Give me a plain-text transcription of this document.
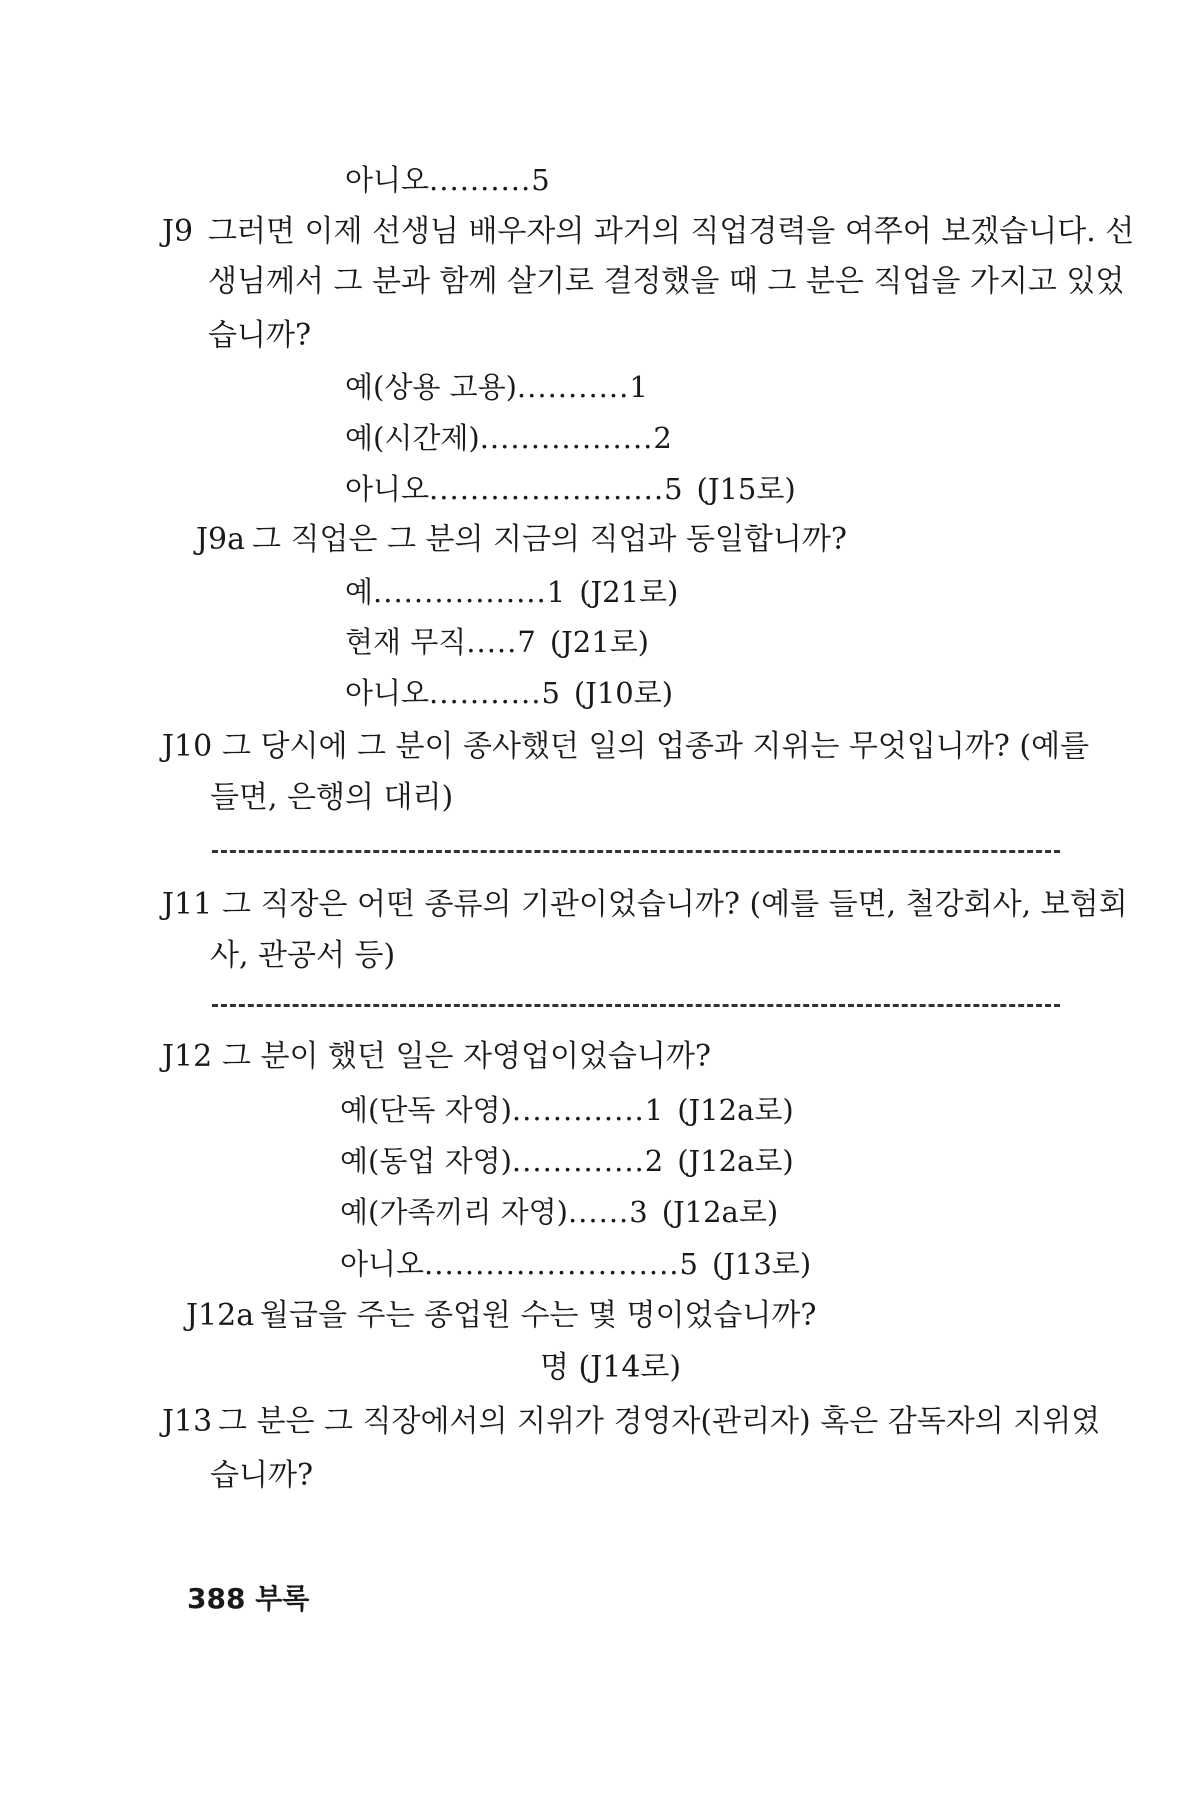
아니오 .......... 5
J9 그러면 이제 선생님 배우자의 과거의 직업경력을 여쭈어 보겠습니다. 선
생님께서 그 분과 함께 살기로 결정했을 때 그 분은 직업을 가지고 있었
습니까?
예(상용 고용) ........... 1
예(시간제) ................. 2
아니오 ....................... 5 (J15로)
J9a 그 직업은 그 분의 지금의 직업과 동일합니까?
예 ................. 1 (J21로)
현재 무직 ..... 7 (J21로)
아니오 ........... 5 (J10로)
J10 그 당시에 그 분이 종사했던 일의 업종과 지위는 무엇입니까? (예를
들면, 은행의 대리)
J11 그 직장은 어떤 종류의 기관이었습니까? (예를 들면, 철강회사, 보험회
사, 관공서 등)
J12 그 분이 했던 일은 자영업이었습니까?
예(단독 자영) ............. 1 (J12a로)
예(동업 자영) ............. 2 (J12a로)
예(가족끼리 자영) ...... 3 (J12a로)
아니오 ......................... 5 (J13로)
J12a 월급을 주는 종업원 수는 몇 명이었습니까?
명 (J14로)
J13 그 분은 그 직장에서의 지위가 경영자(관리자) 혹은 감독자의 지위였
습니까?
388 부록
